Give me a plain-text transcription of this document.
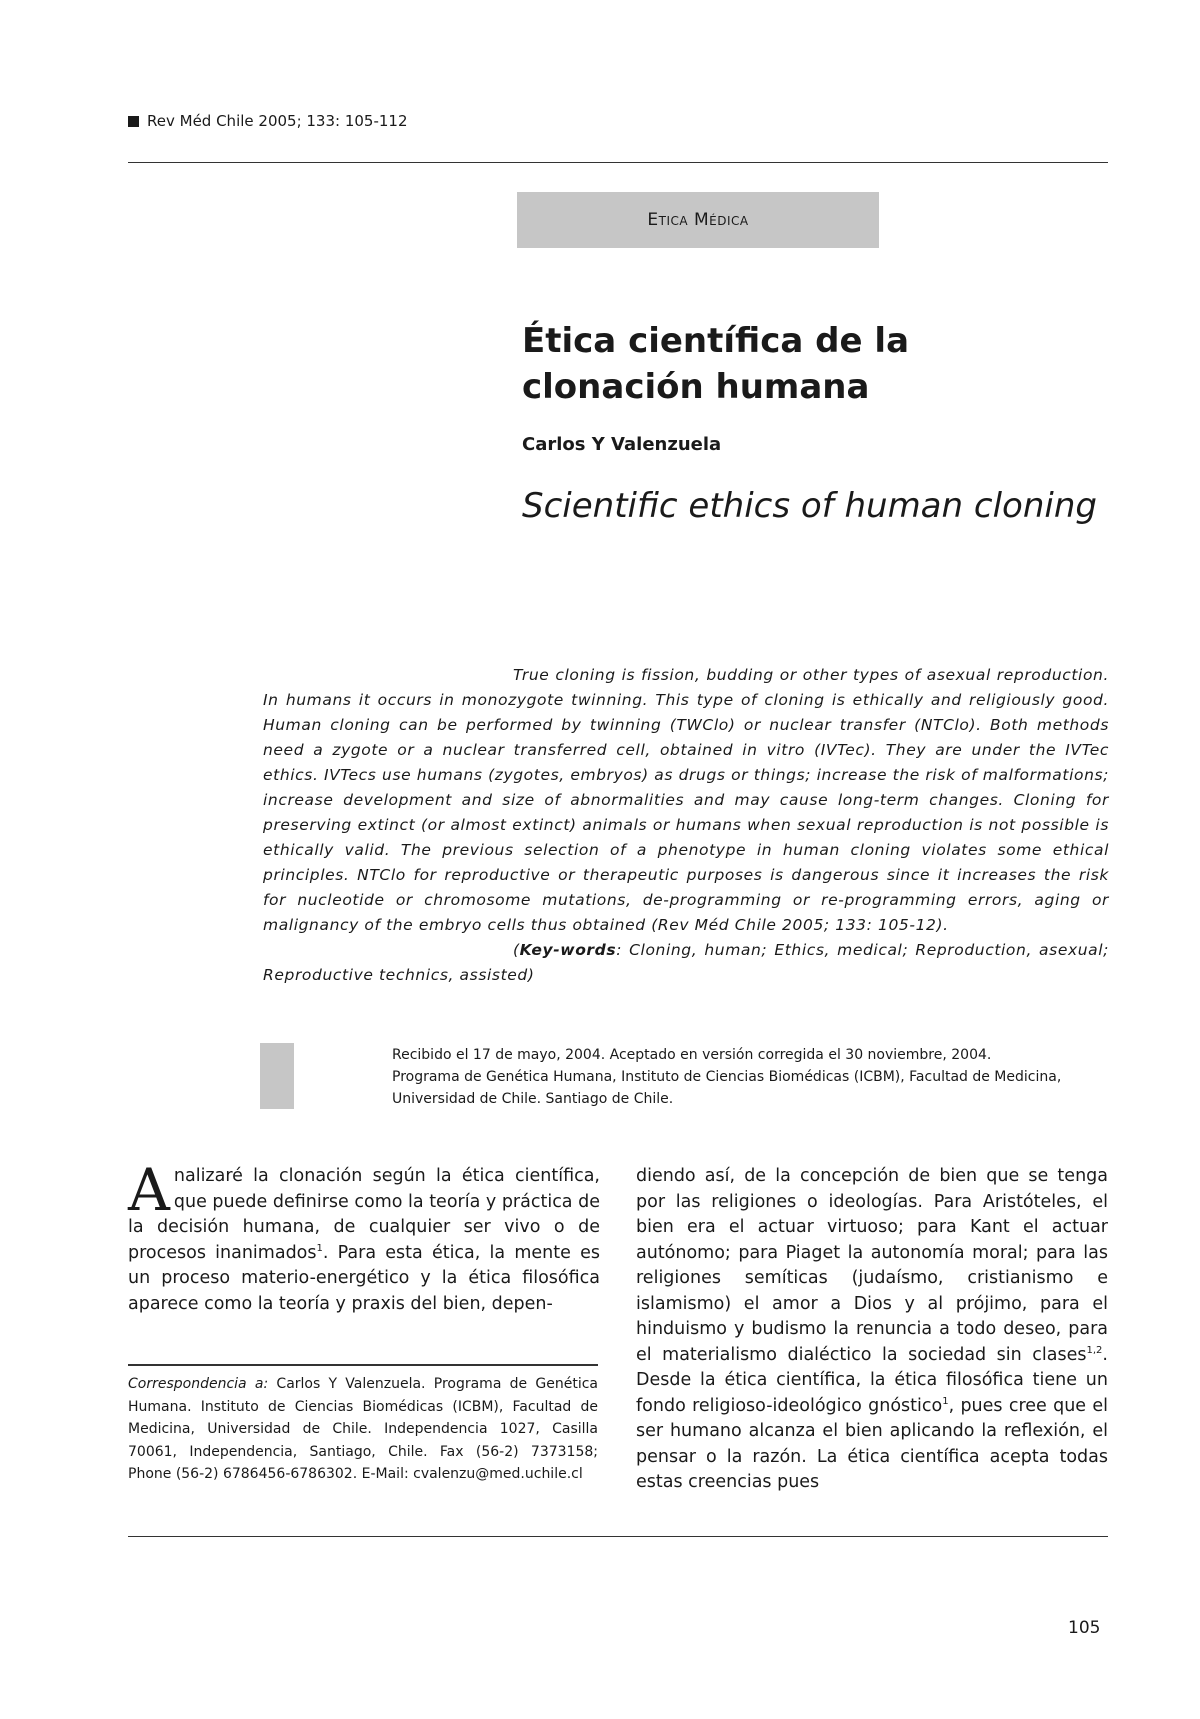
Rev Méd Chile 2005; 133: 105-112
Etica Médica
Ética científica de la clonación humana
Carlos Y Valenzuela
Scientific ethics of human cloning

True cloning is fission, budding or other types of asexual reproduction. In humans it occurs in monozygote twinning. This type of cloning is ethically and religiously good. Human cloning can be performed by twinning (TWClo) or nuclear transfer (NTClo). Both methods need a zygote or a nuclear transferred cell, obtained in vitro (IVTec). They are under the IVTec ethics. IVTecs use humans (zygotes, embryos) as drugs or things; increase the risk of malformations; increase development and size of abnormalities and may cause long-term changes. Cloning for preserving extinct (or almost extinct) animals or humans when sexual reproduction is not possible is ethically valid. The previous selection of a phenotype in human cloning violates some ethical principles. NTClo for reproductive or therapeutic purposes is dangerous since it increases the risk for nucleotide or chromosome mutations, de-programming or re-programming errors, aging or malignancy of the embryo cells thus obtained (Rev Méd Chile 2005; 133: 105-12).

(Key-words: Cloning, human; Ethics, medical; Reproduction, asexual; Reproductive technics, assisted)

Recibido el 17 de mayo, 2004. Aceptado en versión corregida el 30 noviembre, 2004.

Programa de Genética Humana, Instituto de Ciencias Biomédicas (ICBM), Facultad de Medicina, Universidad de Chile. Santiago de Chile.

Analizaré la clonación según la ética científica, que puede definirse como la teoría y práctica de la decisión humana, de cualquier ser vivo o de procesos inanimados$^1$. Para esta ética, la mente es un proceso materio-energético y la ética filosófica aparece como la teoría y praxis del bien, depen-

Correspondencia a: Carlos Y Valenzuela. Programa de Genética Humana. Instituto de Ciencias Biomédicas (ICBM), Facultad de Medicina, Universidad de Chile. Independencia 1027, Casilla 70061, Independencia, Santiago, Chile. Fax (56-2) 7373158; Phone (56-2) 6786456-6786302. E-Mail: cvalenzu@med.uchile.cl

diendo así, de la concepción de bien que se tenga por las religiones o ideologías. Para Aristóteles, el bien era el actuar virtuoso; para Kant el actuar autónomo; para Piaget la autonomía moral; para las religiones semíticas (judaísmo, cristianismo e islamismo) el amor a Dios y al prójimo, para el hinduismo y budismo la renuncia a todo deseo, para el materialismo dialéctico la sociedad sin clases$^{1,2}$. Desde la ética científica, la ética filosófica tiene un fondo religioso-ideológico gnóstico$^1$, pues cree que el ser humano alcanza el bien aplicando la reflexión, el pensar o la razón. La ética científica acepta todas estas creencias pues

105
